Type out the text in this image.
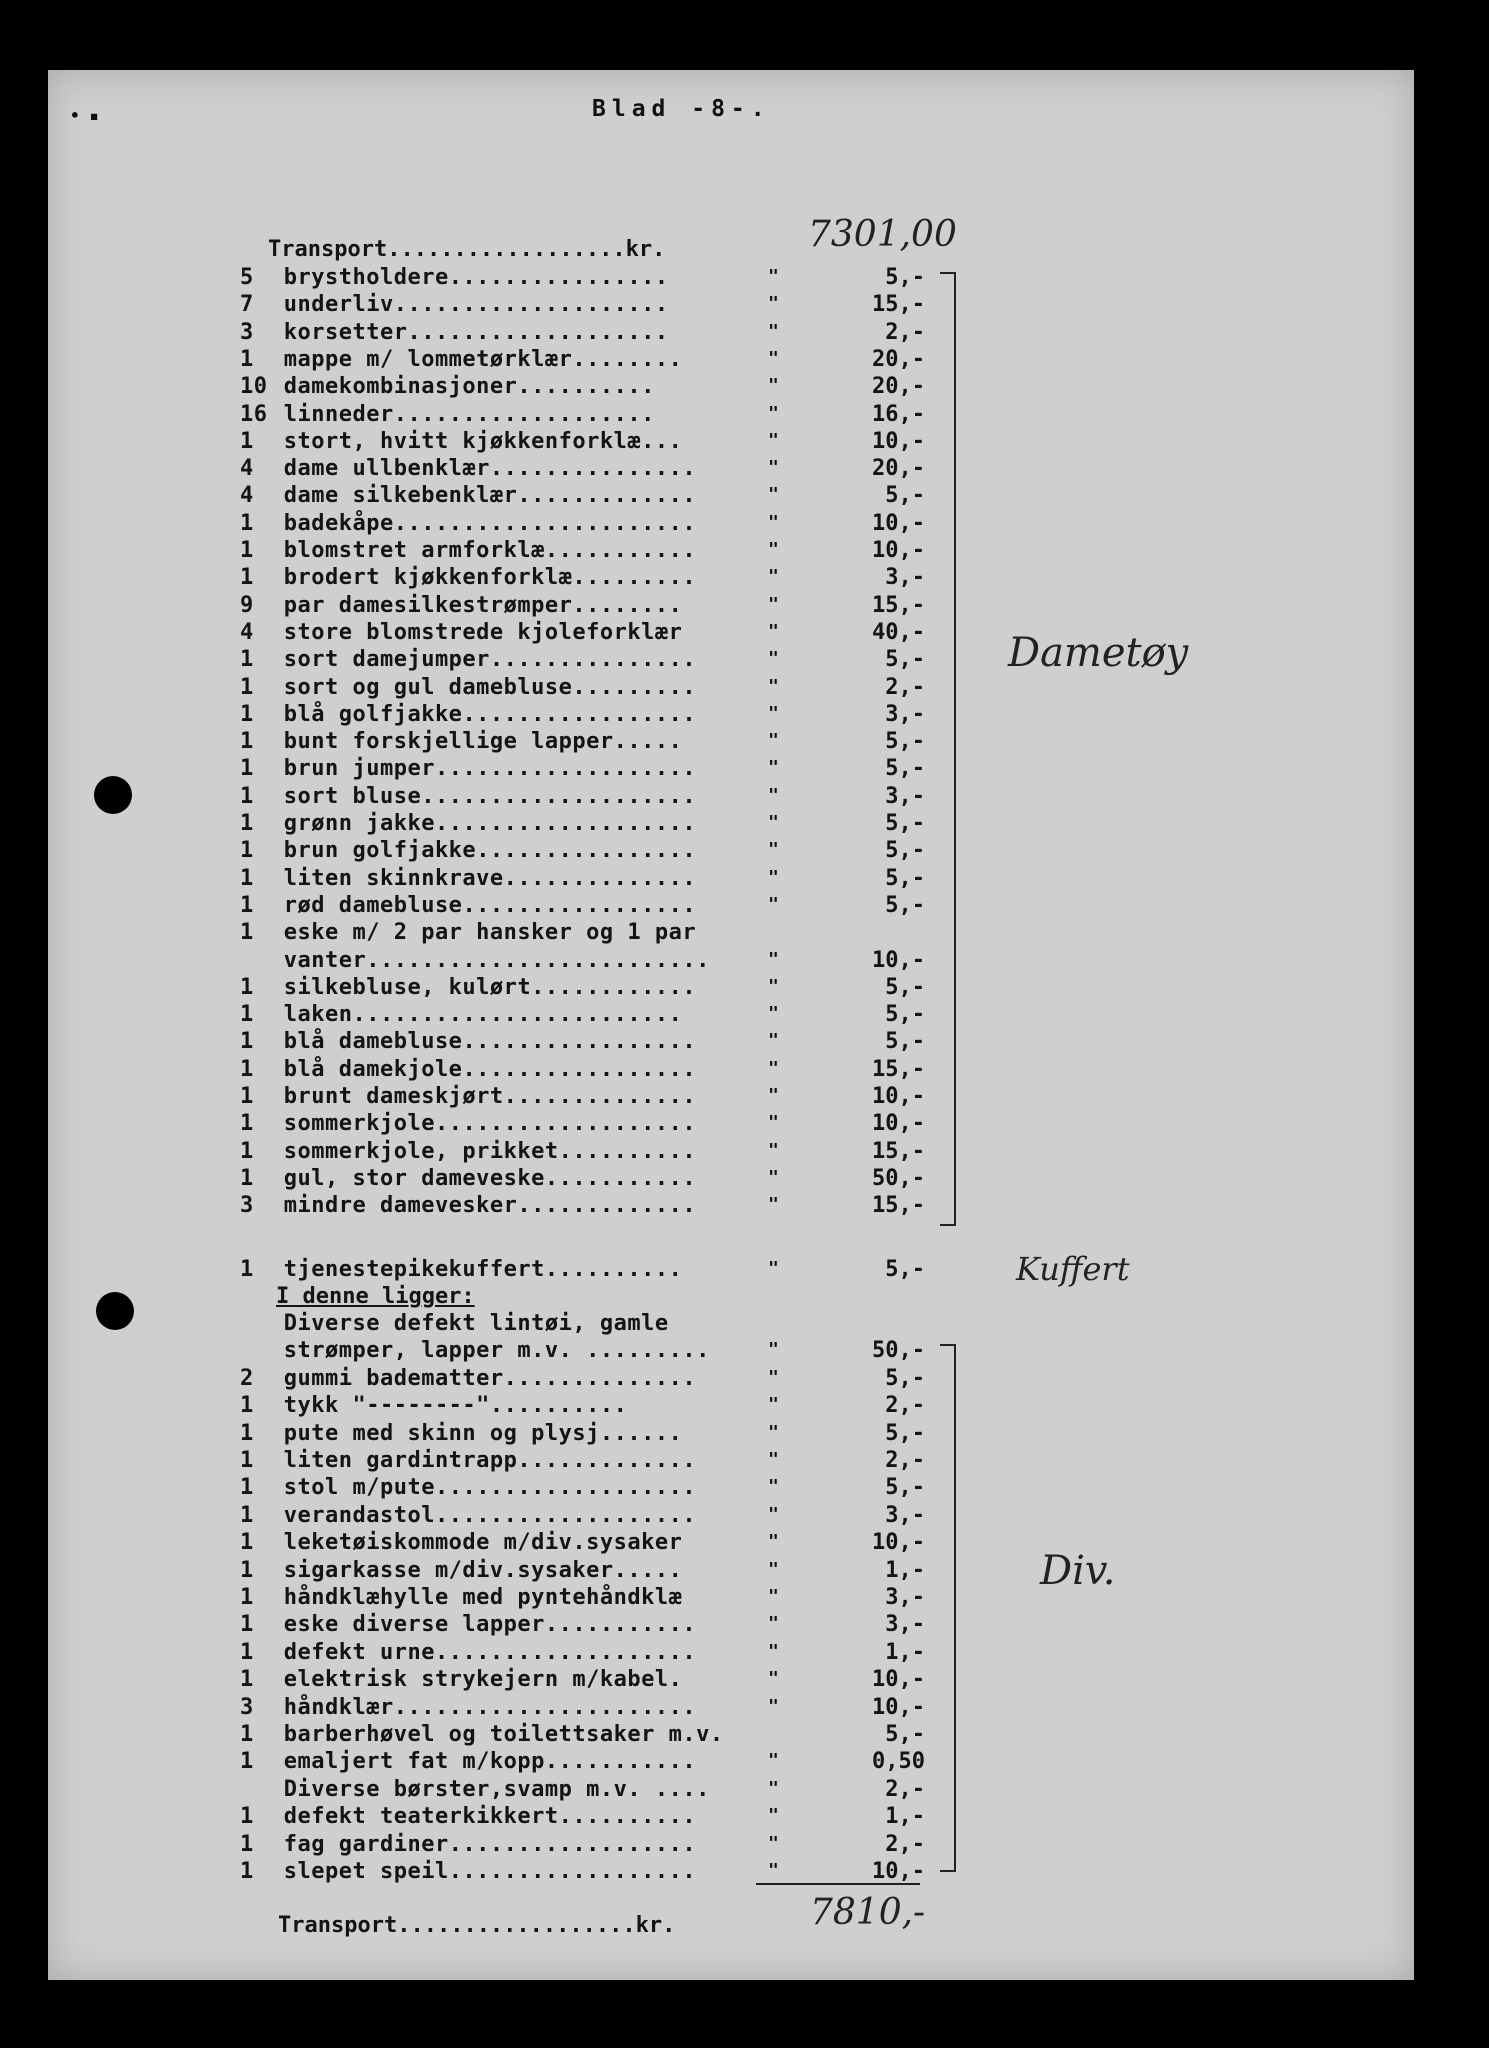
• ▪	Blad -8-.
Transport..................kr.	7301,00
5 brystholdere................	"	5,-
7 underliv....................	"	15,-
3 korsetter...................	"	2,-
1 mappe m/ lommetørklær........	"	20,-
10 damekombinasjoner..........	"	20,-
16 linneder...................	"	16,-
1 stort, hvitt kjøkkenforklæ...	"	10,-
4 dame ullbenklær...............	"	20,-
4 dame silkebenklær.............	"	5,-
1 badekåpe......................	"	10,-
1 blomstret armforklæ...........	"	10,-
1 brodert kjøkkenforklæ.........	"	3,-
9 par damesilkestrømper........	"	15,-
4 store blomstrede kjoleforklær	"	40,-
1 sort damejumper...............	"	5,-
1 sort og gul damebluse.........	"	2,-
1 blå golfjakke.................	"	3,-
1 bunt forskjellige lapper.....	"	5,-
1 brun jumper...................	"	5,-
1 sort bluse....................	"	3,-
1 grønn jakke...................	"	5,-
1 brun golfjakke................	"	5,-
1 liten skinnkrave..............	"	5,-
1 rød damebluse.................	"	5,-
1 eske m/ 2 par hansker og 1 par
vanter.........................	"	10,-
1 silkebluse, kulørt............	"	5,-
1 laken........................	"	5,-
1 blå damebluse.................	"	5,-
1 blå damekjole.................	"	15,-
1 brunt dameskjørt..............	"	10,-
1 sommerkjole...................	"	10,-
1 sommerkjole, prikket..........	"	15,-
1 gul, stor dameveske...........	"	50,-
3 mindre damevesker.............	"	15,-
1 tjenestepikekuffert..........	"	5,-
I denne ligger:
Diverse defekt lintøi, gamle
strømper, lapper m.v. .........	"	50,-
2 gummi badematter..............	"	5,-
1 tykk "--------"..........	"	2,-
1 pute med skinn og plysj......	"	5,-
1 liten gardintrapp.............	"	2,-
1 stol m/pute...................	"	5,-
1 verandastol...................	"	3,-
1 leketøiskommode m/div.sysaker	"	10,-
1 sigarkasse m/div.sysaker.....	"	1,-
1 håndklæhylle med pyntehåndklæ	"	3,-
1 eske diverse lapper...........	"	3,-
1 defekt urne...................	"	1,-
1 elektrisk strykejern m/kabel.	"	10,-
3 håndklær......................	"	10,-
1 barberhøvel og toilettsaker m.v.	5,-
1 emaljert fat m/kopp...........	"	0,50
Diverse børster,svamp m.v. ....	"	2,-
1 defekt teaterkikkert..........	"	1,-
1 fag gardiner..................	"	2,-
1 slepet speil..................	"	10,-
Transport..................kr.	7810,-
Dametøy
Kuffert
Div.
